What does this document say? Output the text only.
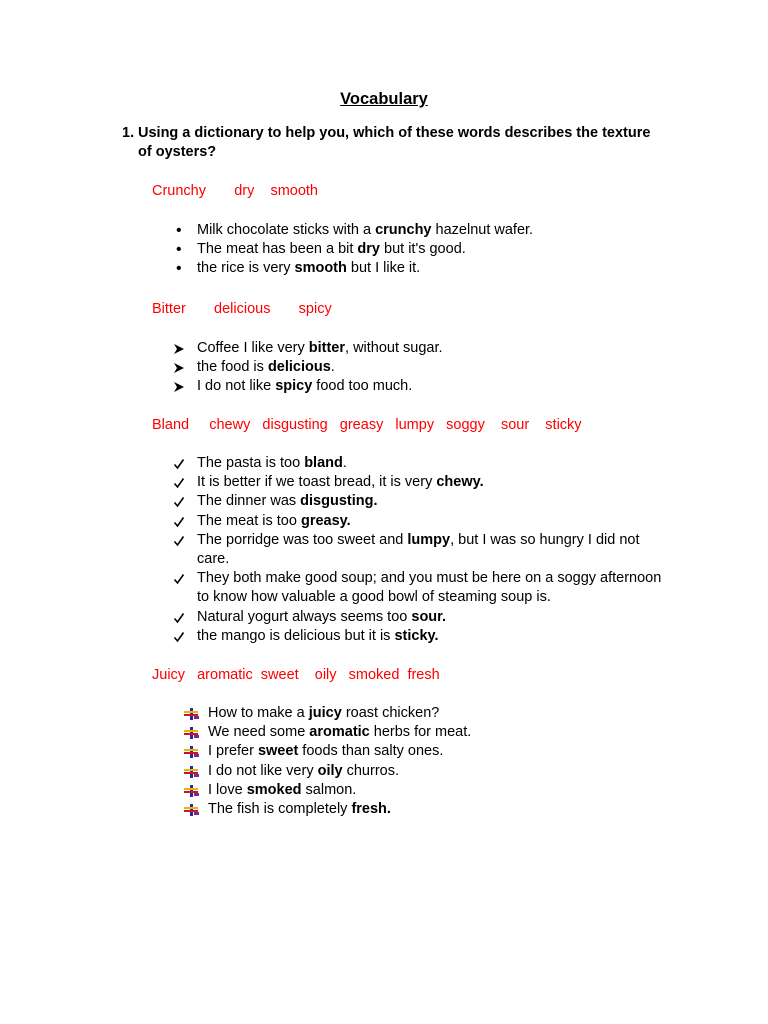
Vocabulary
1. Using a dictionary to help you, which of these words describes the texture of oysters?
Crunchy       dry    smooth
Milk chocolate sticks with a crunchy hazelnut wafer.
The meat has been a bit dry but it's good.
the rice is very smooth but I like it.
Bitter       delicious       spicy
Coffee I like very bitter, without sugar.
the food is delicious.
I do not like spicy food too much.
Bland     chewy   disgusting   greasy   lumpy   soggy    sour    sticky
The pasta is too bland.
It is better if we toast bread, it is very chewy.
The dinner was disgusting.
The meat is too greasy.
The porridge was too sweet and lumpy, but I was so hungry I did not care.
They both make good soup; and you must be here on a soggy afternoon to know how valuable a good bowl of steaming soup is.
Natural yogurt always seems too sour.
the mango is delicious but it is sticky.
Juicy   aromatic  sweet    oily   smoked  fresh
How to make a juicy roast chicken?
We need some aromatic herbs for meat.
I prefer sweet foods than salty ones.
I do not like very oily churros.
I love smoked salmon.
The fish is completely fresh.
